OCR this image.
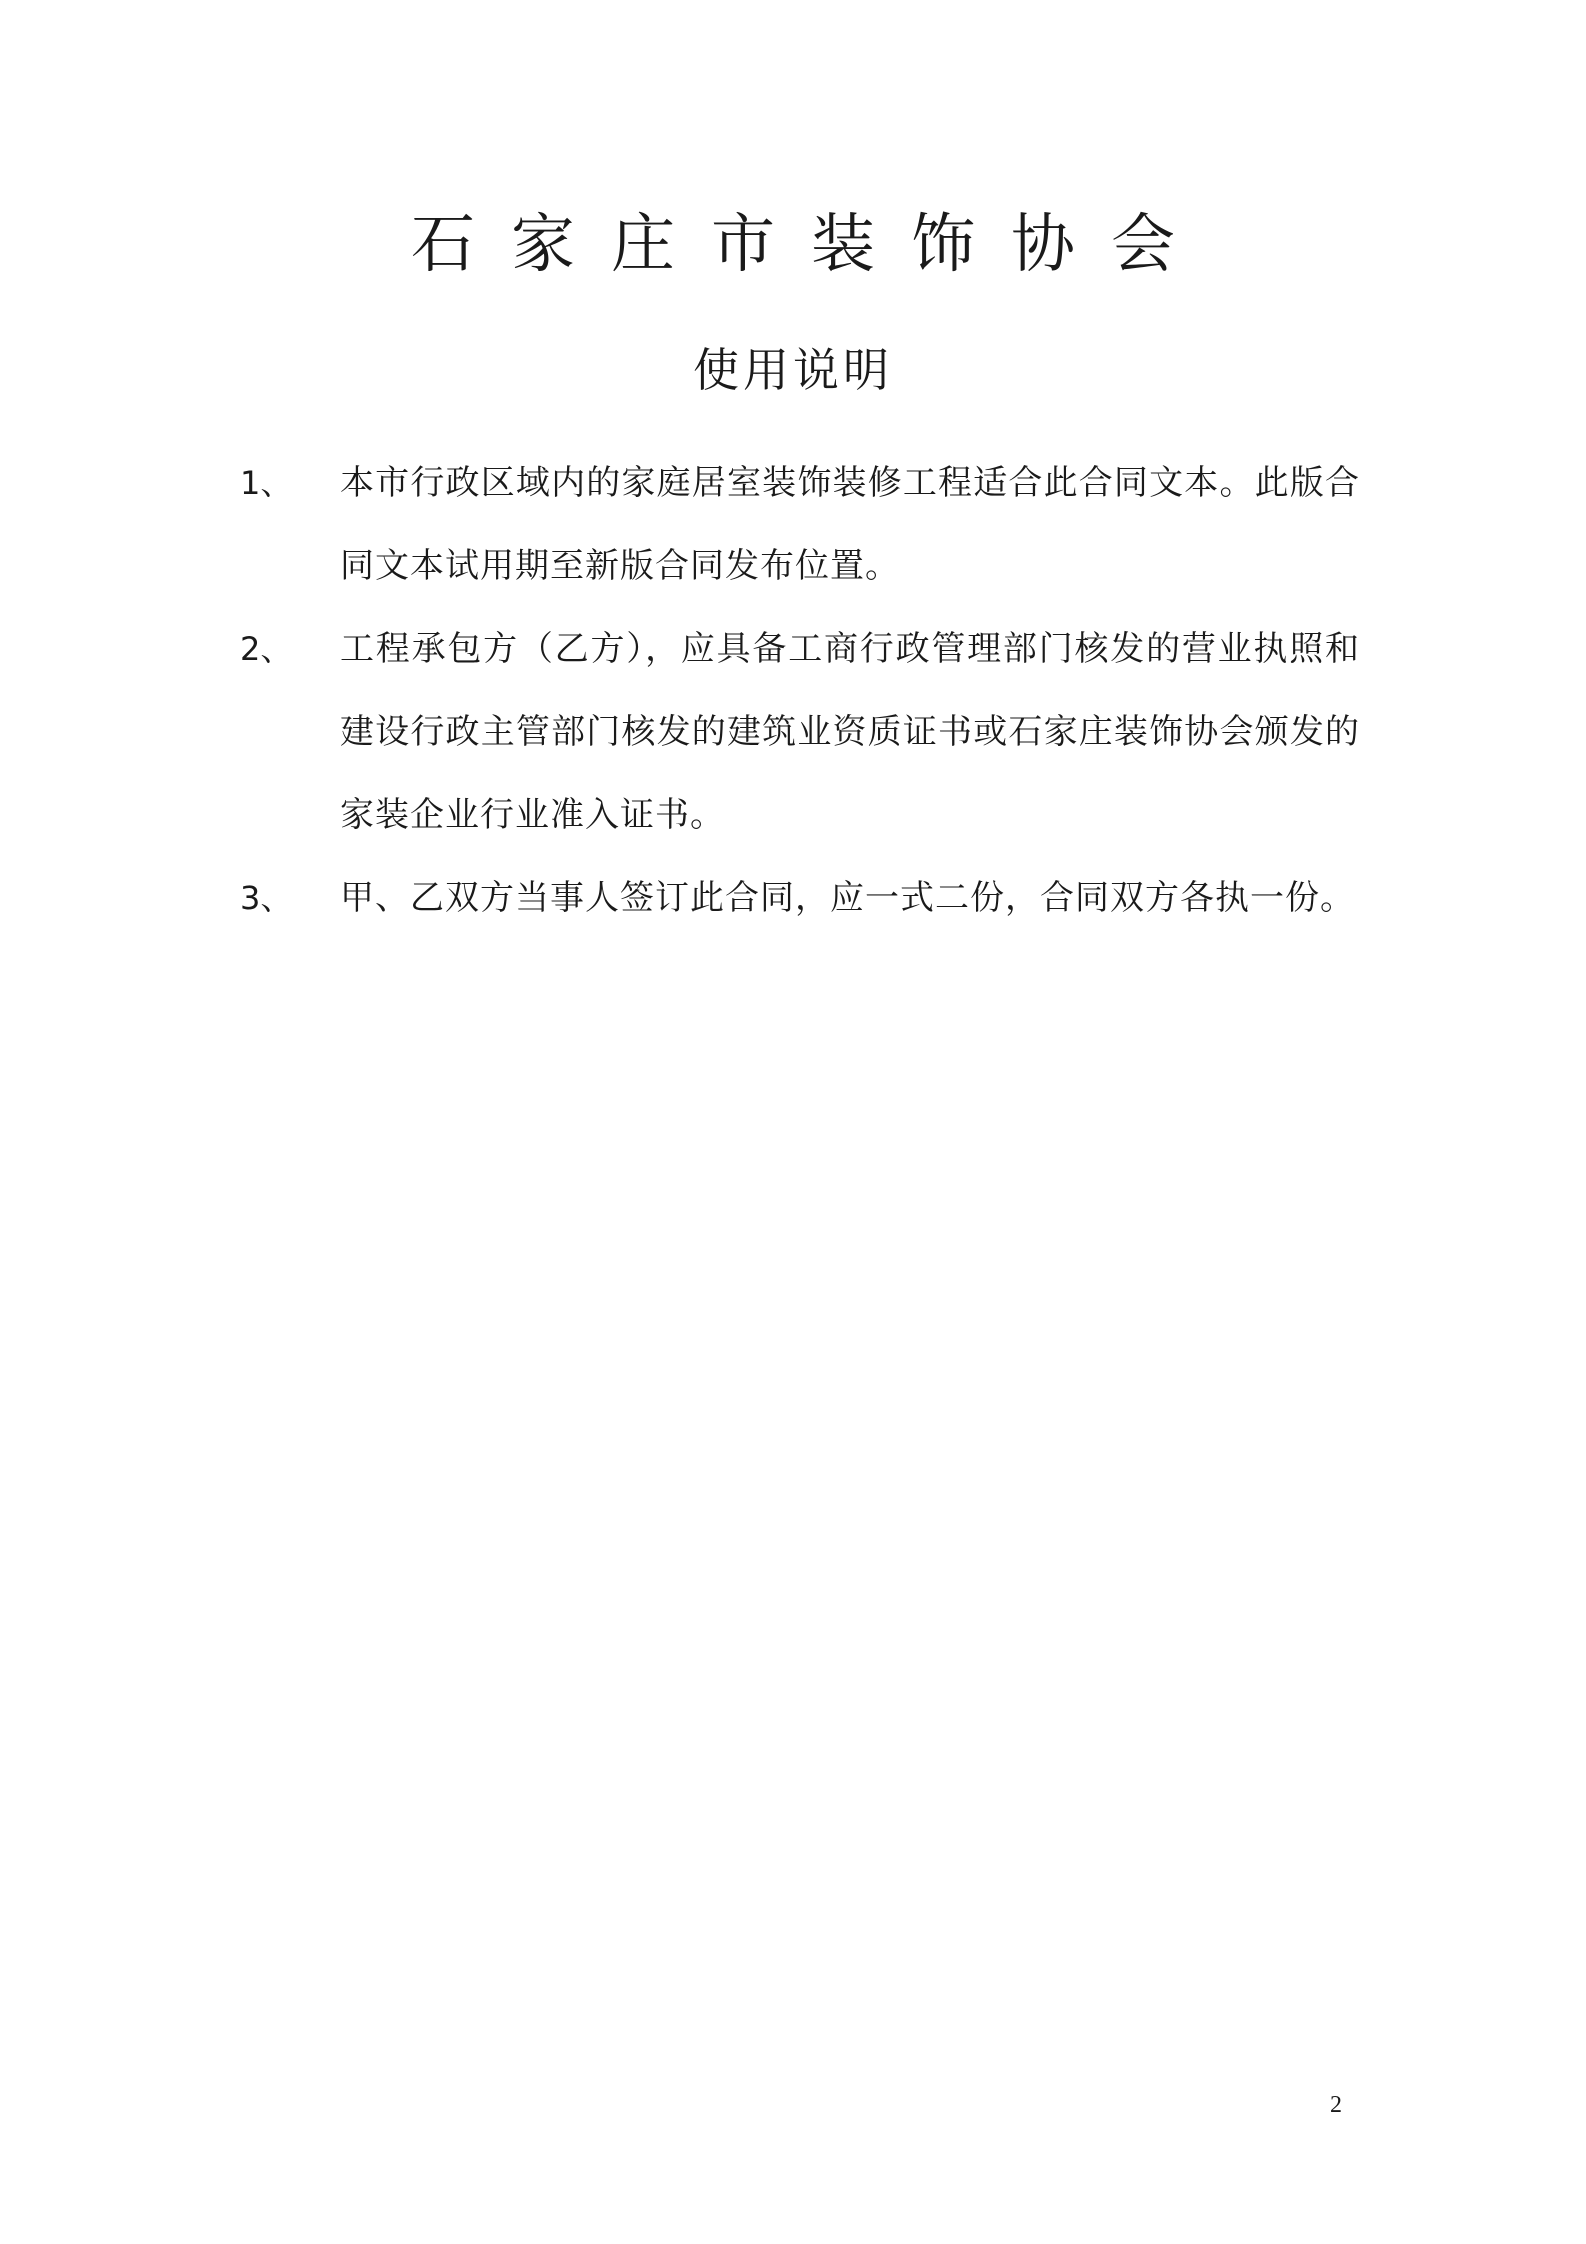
石家庄市装饰协会
使用说明
1、 本市行政区域内的家庭居室装饰装修工程适合此合同文本。此版合同文本试用期至新版合同发布位置。
2、 工程承包方（乙方），应具备工商行政管理部门核发的营业执照和建设行政主管部门核发的建筑业资质证书或石家庄装饰协会颁发的家装企业行业准入证书。
3、 甲、乙双方当事人签订此合同，应一式二份，合同双方各执一份。
2
